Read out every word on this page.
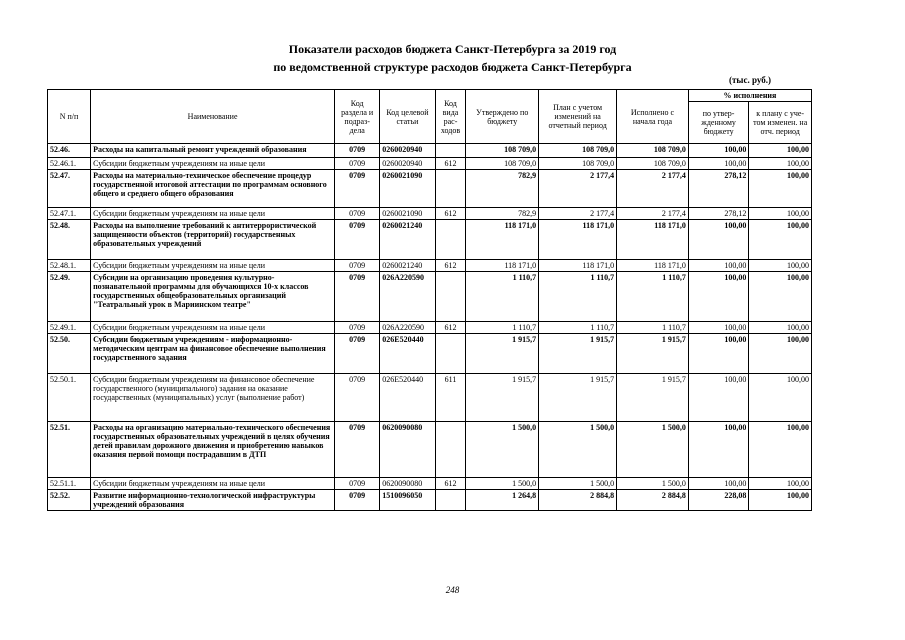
Показатели расходов бюджета Санкт-Петербурга за 2019 год
по ведомственной структуре расходов бюджета Санкт-Петербурга
(тыс. руб.)
N п/п	Наименование	Код раздела и подраз-дела	Код целевой статьи	Код вида рас-ходов	Утверждено по бюджету	План с учетом изменений на отчетный период	Исполнено с начала года	% исполнения	
								по утвер-жденному бюджету	к плану с уче-том изменен. на отч. период
52.46.	Расходы на капитальный ремонт учреждений образования	0709	0260020940		108 709,0	108 709,0	108 709,0	100,00	100,00
52.46.1.	Субсидии бюджетным учреждениям на иные цели	0709	0260020940	612	108 709,0	108 709,0	108 709,0	100,00	100,00
52.47.	Расходы на материально-техническое обеспечение процедур государственной итоговой аттестации по программам основного общего и среднего общего образования	0709	0260021090		782,9	2 177,4	2 177,4	278,12	100,00
52.47.1.	Субсидии бюджетным учреждениям на иные цели	0709	0260021090	612	782,9	2 177,4	2 177,4	278,12	100,00
52.48.	Расходы на выполнение требований к антитеррористической защищенности объектов (территорий) государственных образовательных учреждений	0709	0260021240		118 171,0	118 171,0	118 171,0	100,00	100,00
52.48.1.	Субсидии бюджетным учреждениям на иные цели	0709	0260021240	612	118 171,0	118 171,0	118 171,0	100,00	100,00
52.49.	Субсидии на организацию проведения культурно-познавательной программы для обучающихся 10-х классов государственных общеобразовательных организаций "Театральный урок в Мариинском театре"	0709	026А220590		1 110,7	1 110,7	1 110,7	100,00	100,00
52.49.1.	Субсидии бюджетным учреждениям на иные цели	0709	026А220590	612	1 110,7	1 110,7	1 110,7	100,00	100,00
52.50.	Субсидии бюджетным учреждениям - информационно-методическим центрам на финансовое обеспечение выполнения государственного задания	0709	026Е520440		1 915,7	1 915,7	1 915,7	100,00	100,00
52.50.1.	Субсидии бюджетным учреждениям на финансовое обеспечение государственного (муниципального) задания на оказание государственных (муниципальных) услуг (выполнение работ)	0709	026Е520440	611	1 915,7	1 915,7	1 915,7	100,00	100,00
52.51.	Расходы на организацию материально-технического обеспечения государственных образовательных учреждений в целях обучения детей правилам дорожного движения и приобретению навыков оказания первой помощи пострадавшим в ДТП	0709	0620090080		1 500,0	1 500,0	1 500,0	100,00	100,00
52.51.1.	Субсидии бюджетным учреждениям на иные цели	0709	0620090080	612	1 500,0	1 500,0	1 500,0	100,00	100,00
52.52.	Развитие информационно-технологической инфраструктуры учреждений образования	0709	1510096050		1 264,8	2 884,8	2 884,8	228,08	100,00
248
